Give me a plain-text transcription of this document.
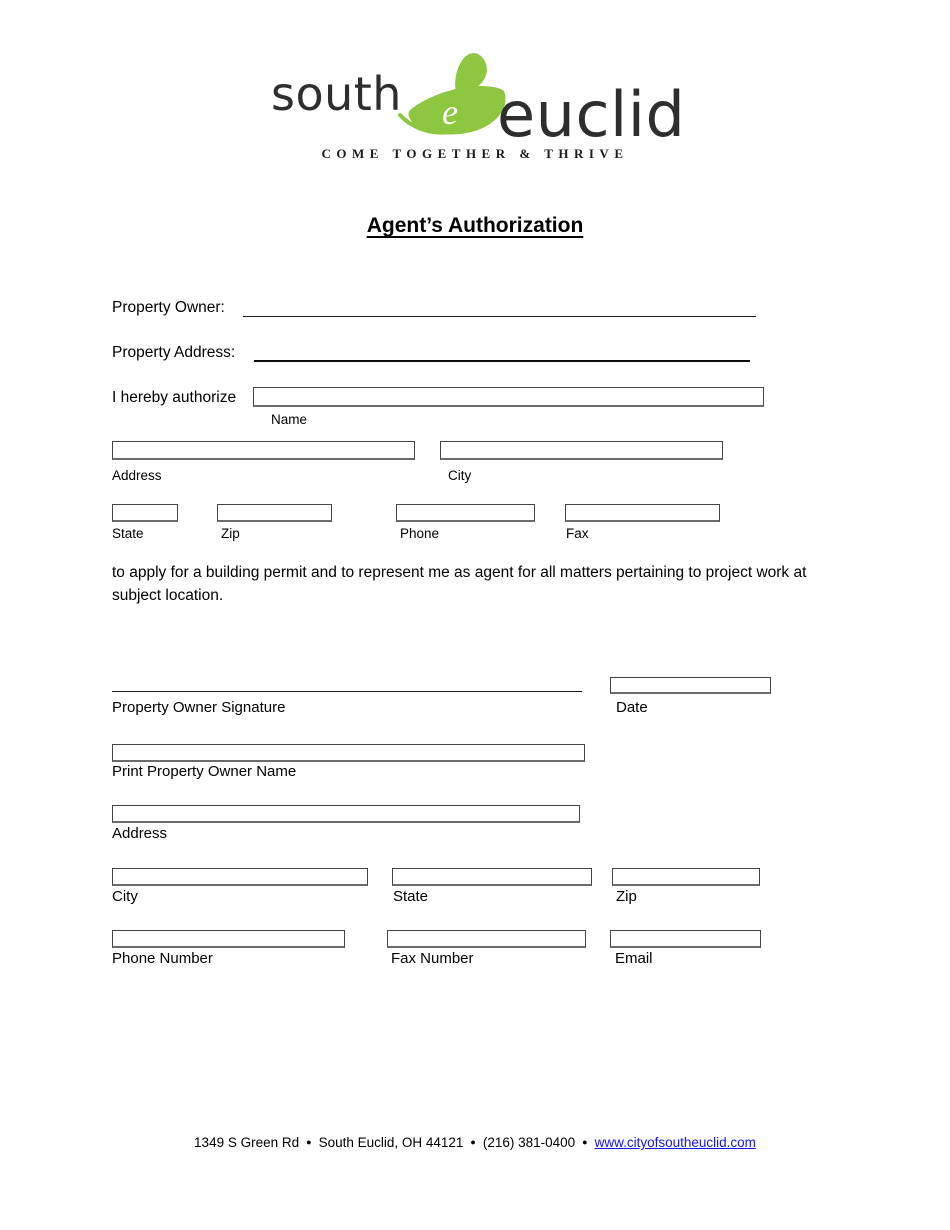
south e euclid
COME TOGETHER & THRIVE
Agent’s Authorization
Property Owner:
Property Address:
I hereby authorize
Name
Address	City
State	Zip	Phone	Fax

to apply for a building permit and to represent me as agent for all matters pertaining to project work at subject location.

Property Owner Signature	Date
Print Property Owner Name
Address
City	State	Zip
Phone Number	Fax Number	Email
1349 S Green Rd ● South Euclid, OH 44121 ● (216) 381-0400 ● www.cityofsoutheuclid.com
